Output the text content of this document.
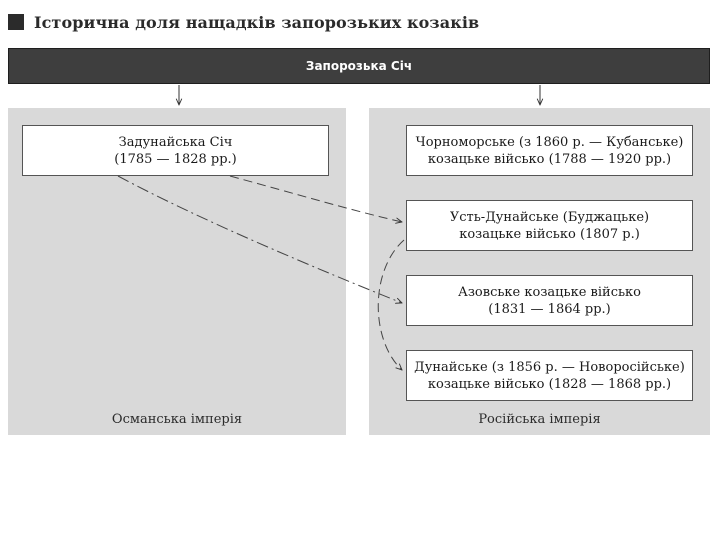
Історична доля нащадків запорозьких козаків
Запорозька Січ
Османська імперія	Російська імперія
Задунайська Січ
(1785 — 1828 рр.)
Чорноморське (з 1860 р. — Кубанське)
козацьке військо (1788 — 1920 рр.)
Усть-Дунайське (Буджацьке)
козацьке військо (1807 р.)
Азовське козацьке військо
(1831 — 1864 рр.)
Дунайське (з 1856 р. — Новоросійське)
козацьке військо (1828 — 1868 рр.)
